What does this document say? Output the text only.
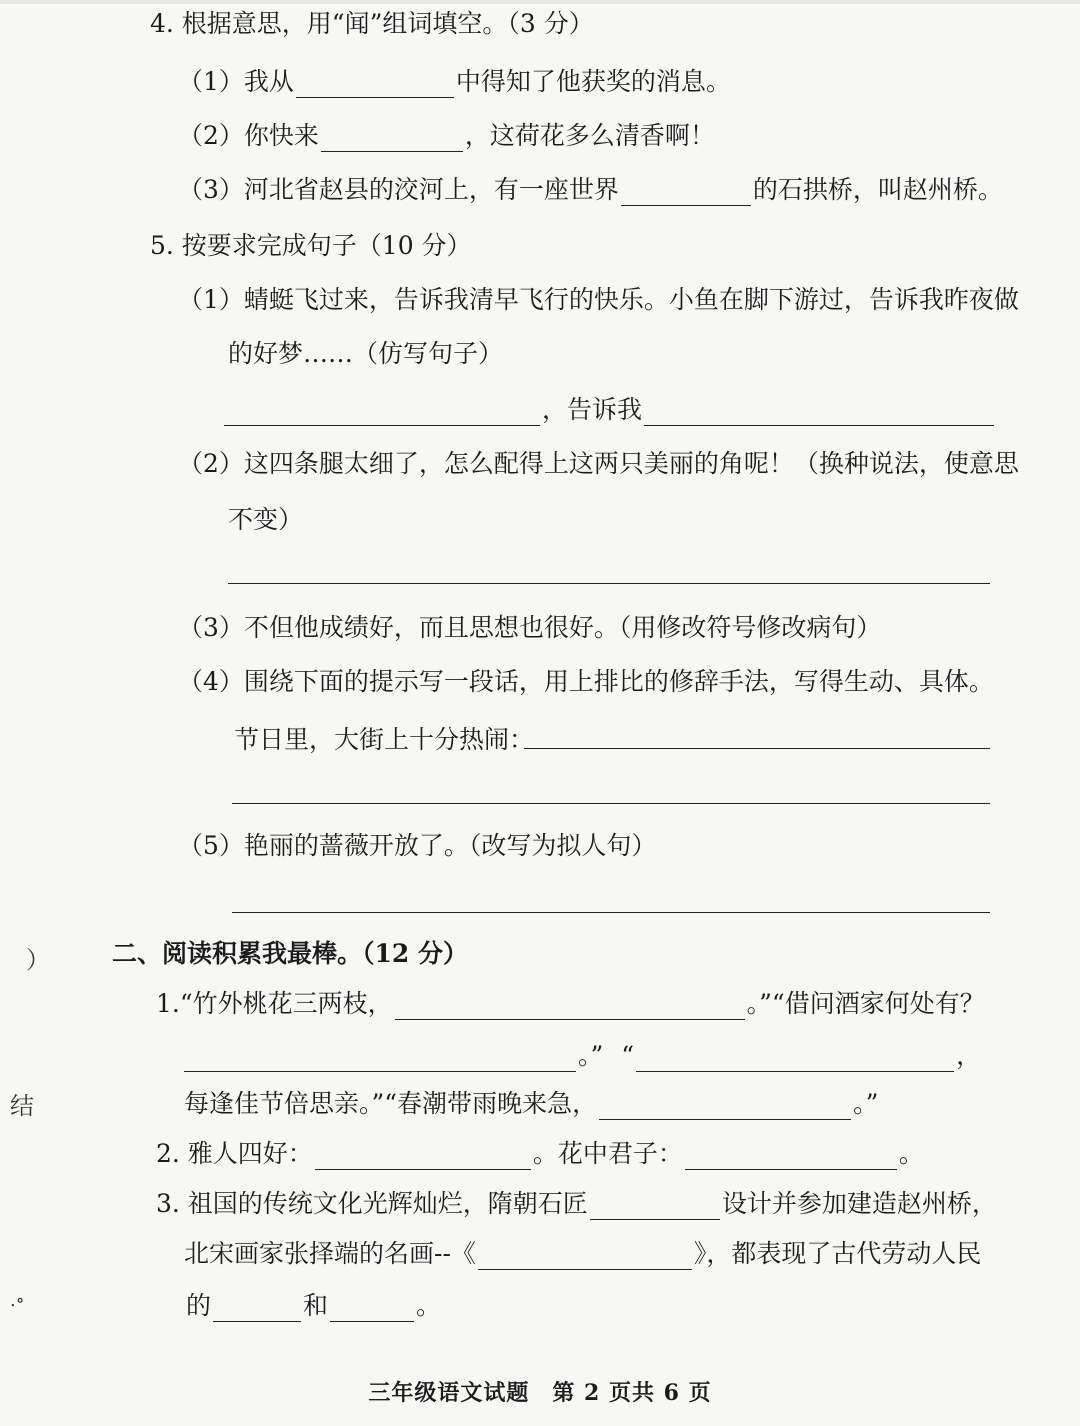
4. 根据意思，用“闻”组词填空。（3 分）
（1） 我从	中得知了他获奖的消息。
（2） 你快来	，这荷花多么清香啊！
（3） 河北省赵县的洨河上，有一座世界	的石拱桥，叫赵州桥。
5. 按要求完成句子（10 分）
（1） 蜻蜓飞过来，告诉我清早飞行的快乐。小鱼在脚下游过，告诉我昨夜做
的好梦……（仿写句子）
，告诉我
（2） 这四条腿太细了，怎么配得上这两只美丽的角呢！（换种说法，使意思
不变）
（3） 不但他成绩好，而且思想也很好。（用修改符号修改病句）
（4） 围绕下面的提示写一段话，用上排比的修辞手法，写得生动、具体。
节日里，大街上十分热闹：
（5） 艳丽的蔷薇开放了。（改写为拟人句）
） 二、阅读积累我最棒。（12 分）
1.“竹外桃花三两枝，	。”“借问酒家何处有？
。” “	，
结	每逢佳节倍思亲。”“春潮带雨晚来急，	。”
2. 雅人四好：	。花中君子：	。
3. 祖国的传统文化光辉灿烂，隋朝石匠	设计并参加建造赵州桥，
北宋画家张择端的名画--《	》，都表现了古代劳动人民
.∘	的	和	。
三年级语文试题　第 2 页共 6 页
